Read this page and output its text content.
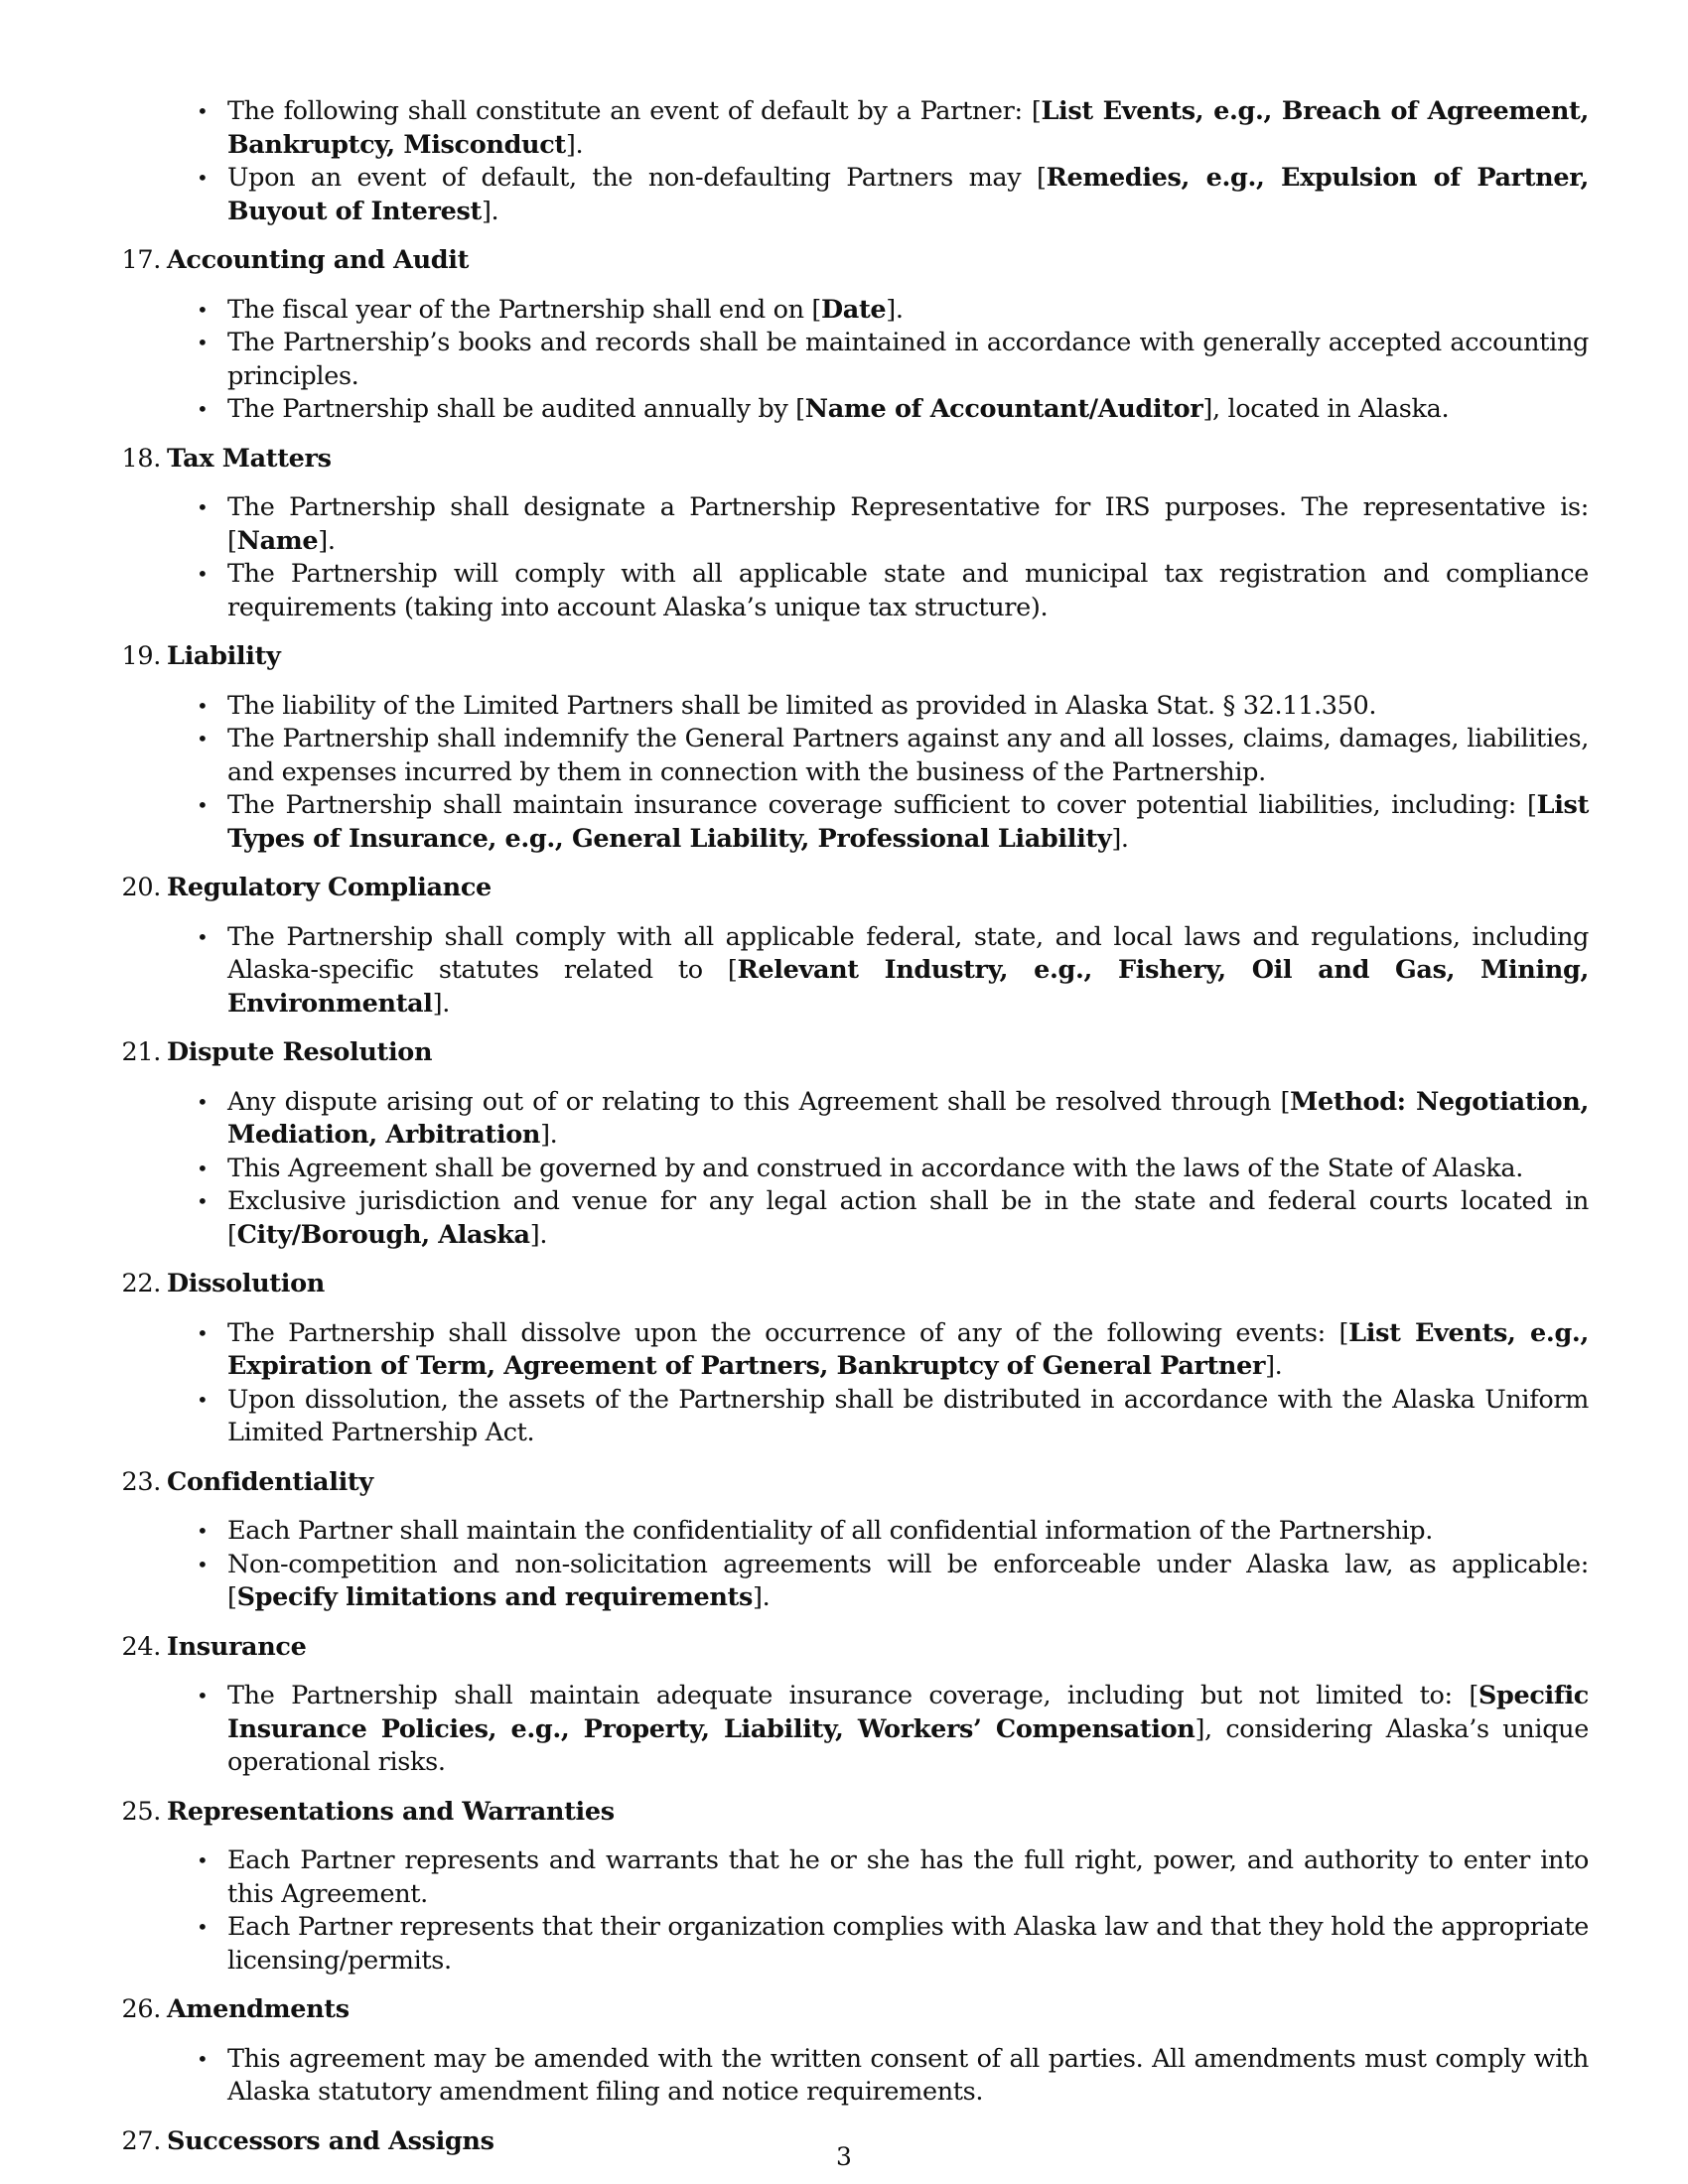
• The following shall constitute an event of default by a Partner: [List Events, e.g., Breach of Agreement, Bankruptcy, Misconduct].
• Upon an event of default, the non-defaulting Partners may [Remedies, e.g., Expulsion of Partner, Buyout of Interest].
17. Accounting and Audit
• The fiscal year of the Partnership shall end on [Date].
• The Partnership’s books and records shall be maintained in accordance with generally accepted accounting principles.
• The Partnership shall be audited annually by [Name of Accountant/Auditor], located in Alaska.
18. Tax Matters
• The Partnership shall designate a Partnership Representative for IRS purposes. The representative is: [Name].
• The Partnership will comply with all applicable state and municipal tax registration and compliance requirements (taking into account Alaska’s unique tax structure).
19. Liability
• The liability of the Limited Partners shall be limited as provided in Alaska Stat. § 32.11.350.
• The Partnership shall indemnify the General Partners against any and all losses, claims, damages, liabilities, and expenses incurred by them in connection with the business of the Partnership.
• The Partnership shall maintain insurance coverage sufficient to cover potential liabilities, including: [List Types of Insurance, e.g., General Liability, Professional Liability].
20. Regulatory Compliance
• The Partnership shall comply with all applicable federal, state, and local laws and regulations, including Alaska-specific statutes related to [Relevant Industry, e.g., Fishery, Oil and Gas, Mining, Environmental].
21. Dispute Resolution
• Any dispute arising out of or relating to this Agreement shall be resolved through [Method: Negotiation, Mediation, Arbitration].
• This Agreement shall be governed by and construed in accordance with the laws of the State of Alaska.
• Exclusive jurisdiction and venue for any legal action shall be in the state and federal courts located in [City/Borough, Alaska].
22. Dissolution
• The Partnership shall dissolve upon the occurrence of any of the following events: [List Events, e.g., Expiration of Term, Agreement of Partners, Bankruptcy of General Partner].
• Upon dissolution, the assets of the Partnership shall be distributed in accordance with the Alaska Uniform Limited Partnership Act.
23. Confidentiality
• Each Partner shall maintain the confidentiality of all confidential information of the Partnership.
• Non-competition and non-solicitation agreements will be enforceable under Alaska law, as applicable: [Specify limitations and requirements].
24. Insurance
• The Partnership shall maintain adequate insurance coverage, including but not limited to: [Specific Insurance Policies, e.g., Property, Liability, Workers’ Compensation], considering Alaska’s unique operational risks.
25. Representations and Warranties
• Each Partner represents and warrants that he or she has the full right, power, and authority to enter into this Agreement.
• Each Partner represents that their organization complies with Alaska law and that they hold the appropriate licensing/permits.
26. Amendments
• This agreement may be amended with the written consent of all parties. All amendments must comply with Alaska statutory amendment filing and notice requirements.
27. Successors and Assigns
3
